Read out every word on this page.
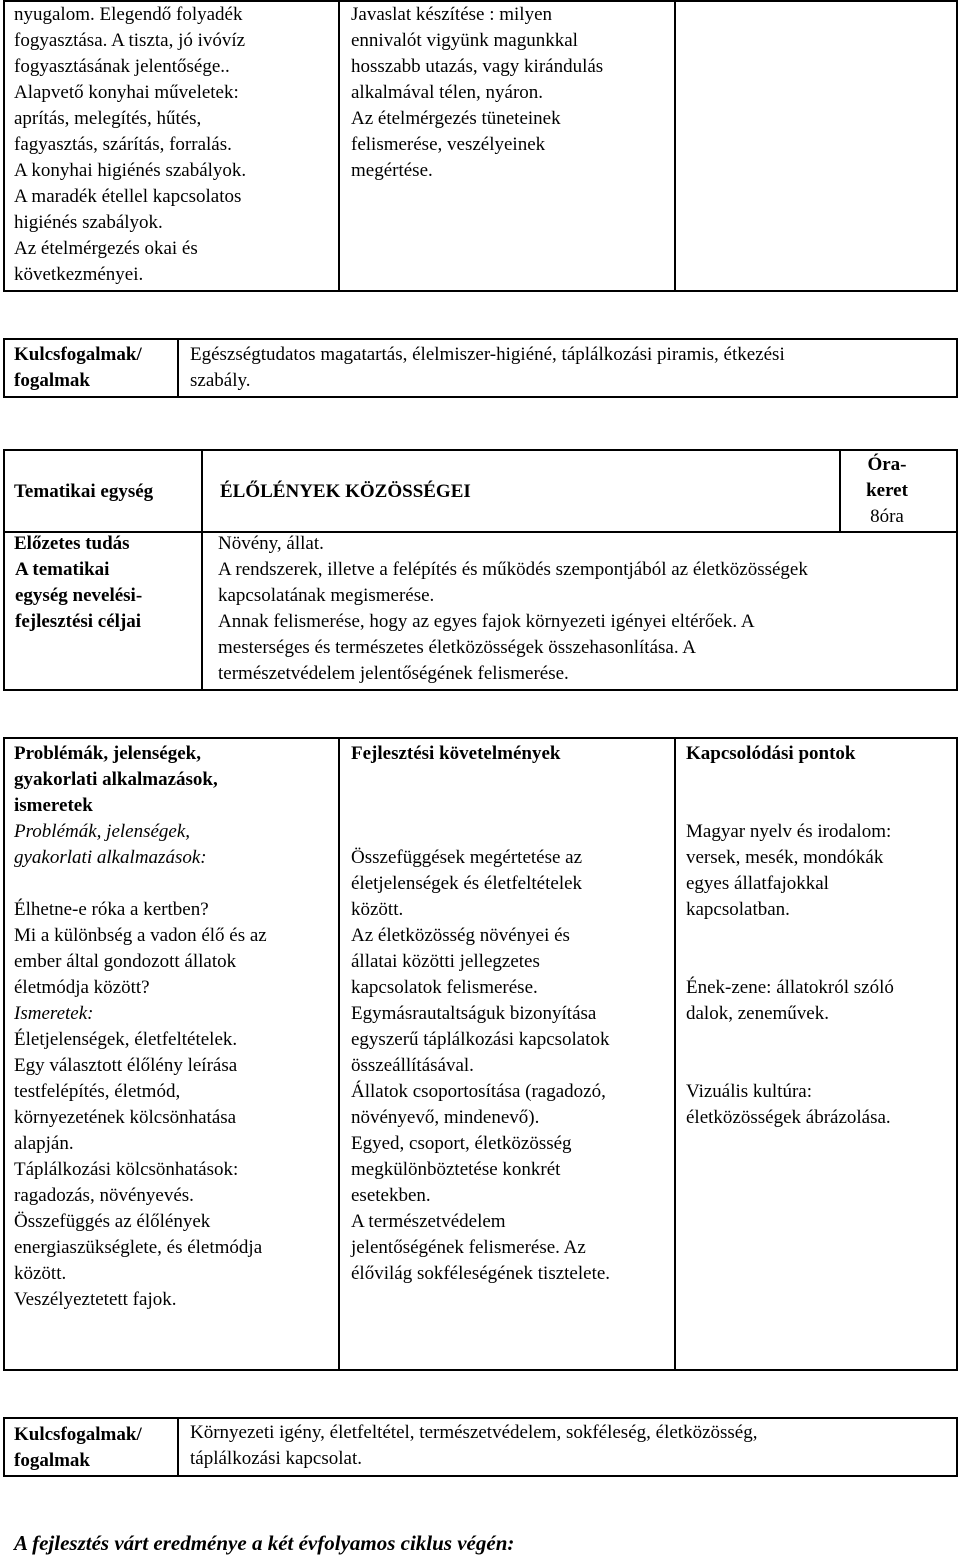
nyugalom. Elegendő folyadék
fogyasztása. A tiszta, jó ivóvíz
fogyasztásának jelentősége..
Alapvető konyhai műveletek:
aprítás, melegítés, hűtés,
fagyasztás, szárítás, forralás.
A konyhai higiénés szabályok.
A maradék étellel kapcsolatos
higiénés szabályok.
Az ételmérgezés okai és
következményei.
Javaslat készítése : milyen
ennivalót vigyünk magunkkal
hosszabb utazás, vagy kirándulás
alkalmával télen, nyáron.
Az ételmérgezés tüneteinek
felismerése, veszélyeinek
megértése.
Kulcsfogalmak/
fogalmak
Egészségtudatos magatartás, élelmiszer-higiéné, táplálkozási piramis, étkezési
szabály.
Tematikai egység	ÉLŐLÉNYEK KÖZÖSSÉGEI
Óra-
keret
8óra
Előzetes tudás	Növény, állat.
A tematikai
egység nevelési-
fejlesztési céljai
A rendszerek, illetve a felépítés és működés szempontjából az életközösségek
kapcsolatának megismerése.
Annak felismerése, hogy az egyes fajok környezeti igényei eltérőek. A
mesterséges és természetes életközösségek összehasonlítása. A
természetvédelem jelentőségének felismerése.
Problémák, jelenségek,
gyakorlati alkalmazások,
ismeretek
Problémák, jelenségek,
gyakorlati alkalmazások:
Élhetne-e róka a kertben?
Mi a különbség a vadon élő és az
ember által gondozott állatok
életmódja között?
Ismeretek:
Életjelenségek, életfeltételek.
Egy választott élőlény leírása
testfelépítés, életmód,
környezetének kölcsönhatása
alapján.
Táplálkozási kölcsönhatások:
ragadozás, növényevés.
Összefüggés az élőlények
energiaszükséglete, és életmódja
között.
Veszélyeztetett fajok.
Fejlesztési követelmények
Összefüggések megértetése az
életjelenségek és életfeltételek
között.
Az életközösség növényei és
állatai közötti jellegzetes
kapcsolatok felismerése.
Egymásrautaltságuk bizonyítása
egyszerű táplálkozási kapcsolatok
összeállításával.
Állatok csoportosítása (ragadozó,
növényevő, mindenevő).
Egyed, csoport, életközösség
megkülönböztetése konkrét
esetekben.
A természetvédelem
jelentőségének felismerése. Az
élővilág sokféleségének tisztelete.
Kapcsolódási pontok
Magyar nyelv és irodalom:
versek, mesék, mondókák
egyes állatfajokkal
kapcsolatban.
Ének-zene: állatokról szóló
dalok, zeneművek.
Vizuális kultúra:
életközösségek ábrázolása.
Kulcsfogalmak/
fogalmak
Környezeti igény, életfeltétel, természetvédelem, sokféleség, életközösség,
táplálkozási kapcsolat.
A fejlesztés várt eredménye a két évfolyamos ciklus végén:
